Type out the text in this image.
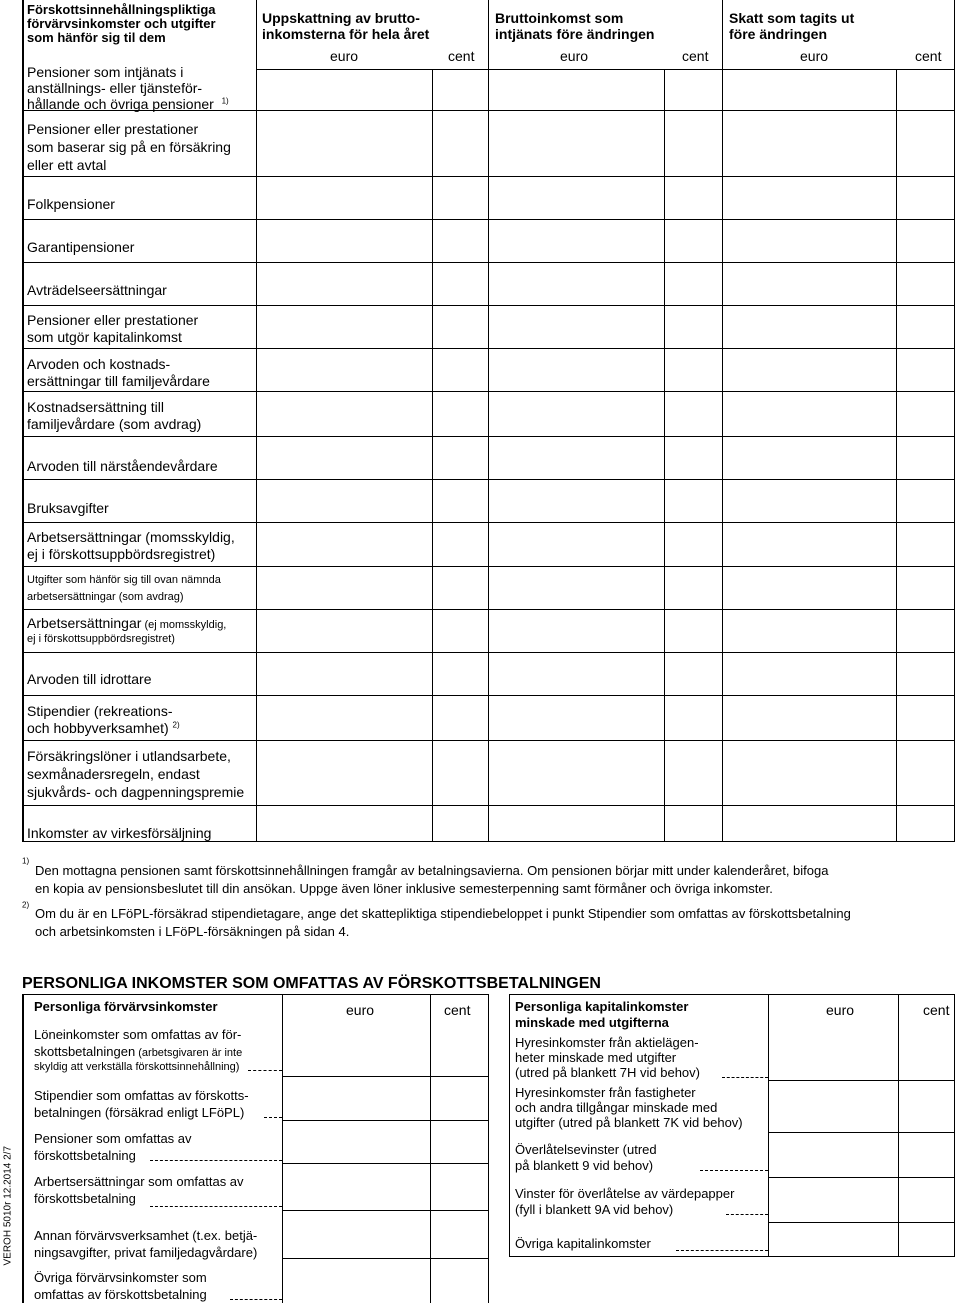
Förskottsinnehållningspliktiga
förvärvsinkomster och utgifter
som hänför sig til dem
Uppskattning av brutto-
inkomsterna för hela året
Bruttoinkomst som
intjänats före ändringen
Skatt som tagits ut
före ändringen
euro	cent	euro	cent	euro	cent
Pensioner som intjänats i
anställnings- eller tjänsteför-
hållande och övriga pensioner $^{1)}$
Pensioner eller prestationer
som baserar sig på en försäkring
eller ett avtal
Folkpensioner
Garantipensioner
Avträdelseersättningar
Pensioner eller prestationer
som utgör kapitalinkomst
Arvoden och kostnads-
ersättningar till familjevårdare
Kostnadsersättning till
familjevårdare (som avdrag)
Arvoden till närståendevårdare
Bruksavgifter
Arbetsersättningar (momsskyldig,
ej i förskottsuppbördsregistret)
Utgifter som hänför sig till ovan nämnda
arbetsersättningar (som avdrag)
Arbetsersättningar (ej momsskyldig,
ej i förskottsuppbördsregistret)
Arvoden till idrottare
Stipendier (rekreations-
och hobbyverksamhet) $^{2)}$
Försäkringslöner i utlandsarbete,
sexmånadersregeln, endast
sjukvårds- och dagpenningspremie
Inkomster av virkesförsäljning
$^{1)}$
Den mottagna pensionen samt förskottsinnehållningen framgår av betalningsavierna. Om pensionen börjar mitt under kalenderåret, bifoga
en kopia av pensionsbeslutet till din ansökan. Uppge även löner inklusive semesterpenning samt förmåner och övriga inkomster.
$^{2)}$
Om du är en LFöPL-försäkrad stipendietagare, ange det skattepliktiga stipendiebeloppet i punkt Stipendier som omfattas av förskottsbetalning
och arbetsinkomsten i LFöPL-försäkningen på sidan 4.
PERSONLIGA INKOMSTER SOM OMFATTAS AV FÖRSKOTTSBETALNINGEN
Personliga förvärvsinkomster	euro	cent
Löneinkomster som omfattas av för-
skottsbetalningen (arbetsgivaren är inte
skyldig att verkställa förskottsinnehållning)
Stipendier som omfattas av förskotts-
betalningen (försäkrad enligt LFöPL)
Pensioner som omfattas av
förskottsbetalning
Arbertsersättningar som omfattas av
förskottsbetalning
Annan förvärvsverksamhet (t.ex. betjä-
ningsavgifter, privat familjedagvårdare)
Övriga förvärvsinkomster som
omfattas av förskottsbetalning
Personliga kapitalinkomster
minskade med utgifterna
euro	cent
Hyresinkomster från aktielägen-
heter minskade med utgifter
(utred på blankett 7H vid behov)
Hyresinkomster från fastigheter
och andra tillgångar minskade med
utgifter (utred på blankett 7K vid behov)
Överlåtelsevinster (utred
på blankett 9 vid behov)
Vinster för överlåtelse av värdepapper
(fyll i blankett 9A vid behov)
Övriga kapitalinkomster
VEROH 5010r 12.2014 2/7
